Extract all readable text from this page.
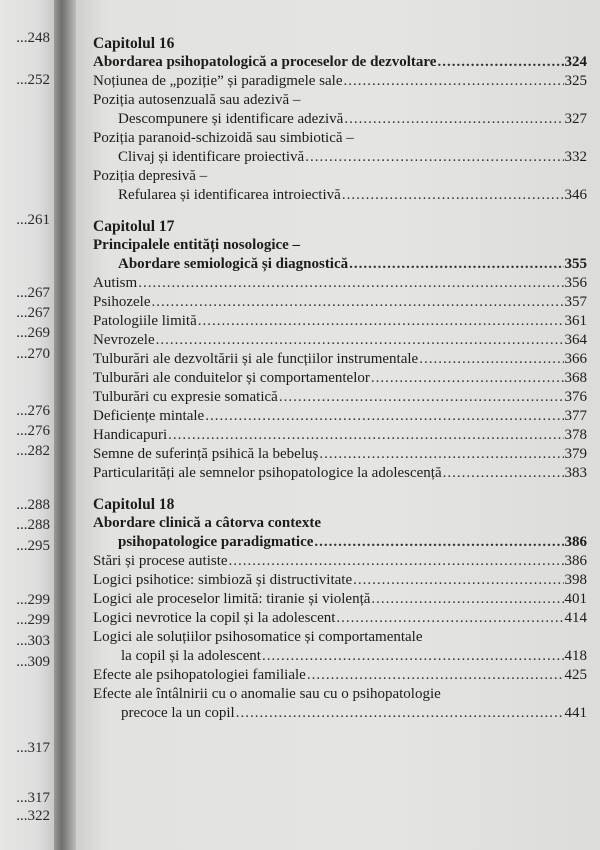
...248
...252
...261
...267
...267
...269
...270
...276
...276
...282
...288
...288
...295
...299
...299
...303
...309
...317
...317
...322
Capitolul 16
Abordarea psihopatologică a proceselor de dezvoltare .....	324
Noțiunea de „poziție” și paradigmele sale .....	325
Poziția autosenzuală sau adezivă –
Descompunere și identificare adezivă .....	327
Poziția paranoid-schizoidă sau simbiotică –
Clivaj și identificare proiectivă .....	332
Poziția depresivă –
Refularea și identificarea introiectivă .....	346
Capitolul 17
Principalele entități nosologice –
Abordare semiologică și diagnostică .....	355
Autism .....	356
Psihozele .....	357
Patologiile limită .....	361
Nevrozele .....	364
Tulburări ale dezvoltării și ale funcțiilor instrumentale .....	366
Tulburări ale conduitelor și comportamentelor .....	368
Tulburări cu expresie somatică .....	376
Deficiențe mintale .....	377
Handicapuri .....	378
Semne de suferință psihică la bebeluș .....	379
Particularități ale semnelor psihopatologice la adolescență .....	383
Capitolul 18
Abordare clinică a câtorva contexte
psihopatologice paradigmatice .....	386
Stări și procese autiste .....	386
Logici psihotice: simbioză și distructivitate .....	398
Logici ale proceselor limită: tiranie și violență .....	401
Logici nevrotice la copil și la adolescent .....	414
Logici ale soluțiilor psihosomatice și comportamentale
la copil și la adolescent .....	418
Efecte ale psihopatologiei familiale .....	425
Efecte ale întâlnirii cu o anomalie sau cu o psihopatologie
precoce la un copil .....	441
